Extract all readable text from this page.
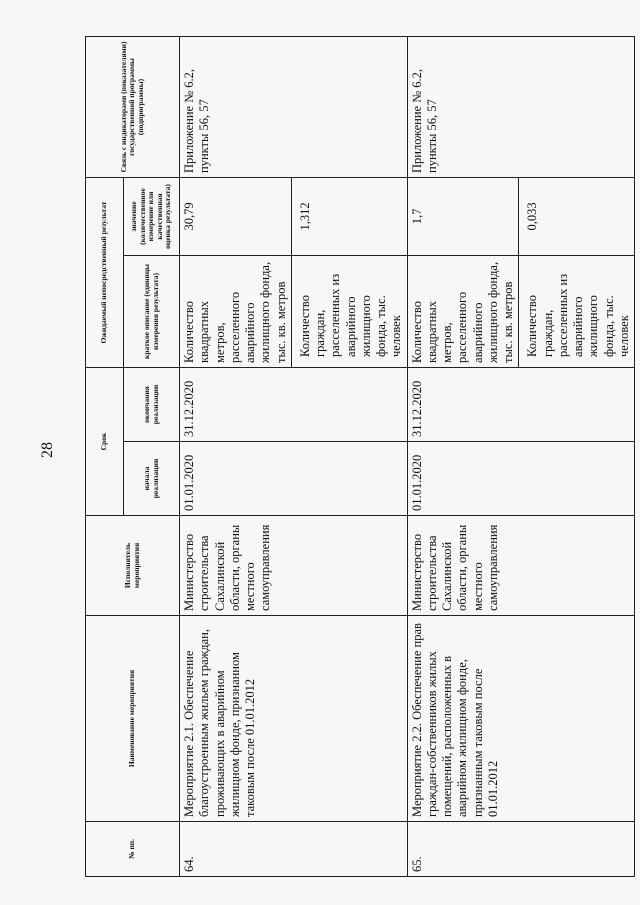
28
№ пп.	Наименование мероприятия	Исполнитель мероприятия	Срок		Ожидаемый непосредственный результат		Связь с индикаторами (показателями) государственной программы (подпрограммы)
			начала реализации	окончания реализации	краткое описание (единицы измерения результата)	значение (количественное измерение или качественная оценка результата)	
64.	Мероприятие 2.1. Обеспечение благоустроенным жильем граждан, проживающих в аварийном жилищном фонде, признанном таковым после 01.01.2012	Министерство строительства Сахалинской области, органы местного самоуправления	01.01.2020	31.12.2020	Количество квадратных метров, расселенного аварийного жилищного фонда, тыс. кв. метров	30,79	Приложение № 6.2, пункты 56, 57
					Количество граждан, расселенных из аварийного жилищного фонда, тыс. человек	1,312	
65.	Мероприятие 2.2. Обеспечение прав граждан-собственников жилых помещений, расположенных в аварийном жилищном фонде, признанным таковым после 01.01.2012	Министерство строительства Сахалинской области, органы местного самоуправления	01.01.2020	31.12.2020	Количество квадратных метров, расселенного аварийного жилищного фонда, тыс. кв. метров	1,7	Приложение № 6.2, пункты 56, 57
					Количество граждан, расселенных из аварийного жилищного фонда, тыс. человек	0,033	
